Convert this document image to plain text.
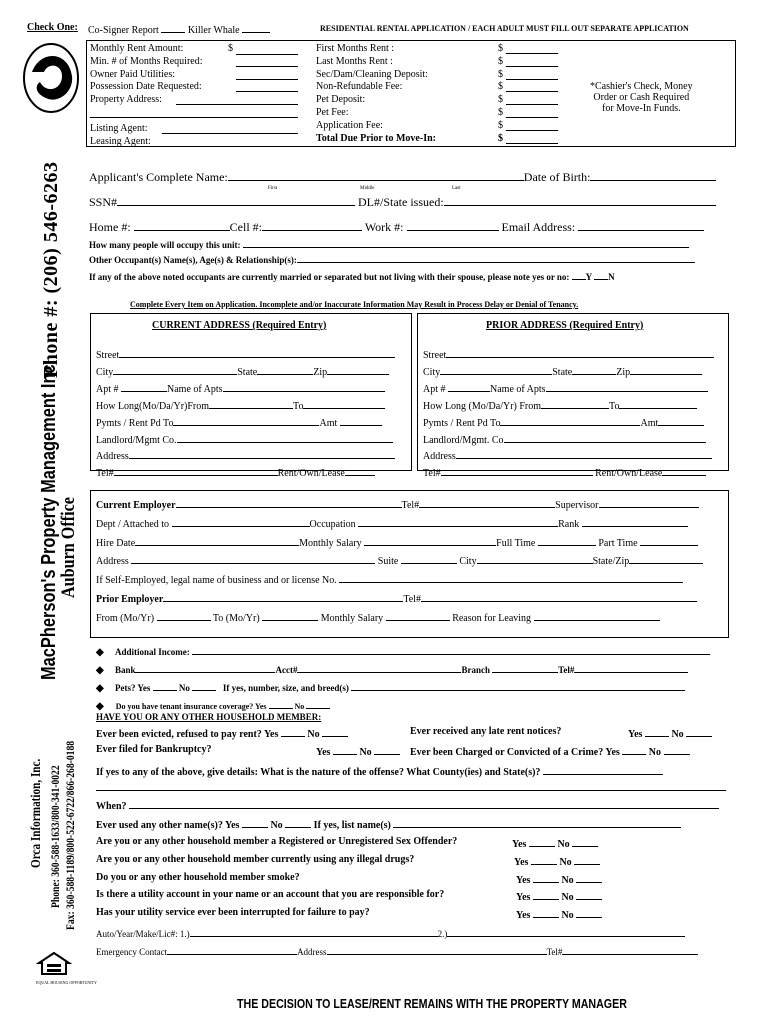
Check One: Co-Signer Report	Killer Whale	RESIDENTIAL RENTAL APPLICATION / EACH ADULT MUST FILL OUT SEPARATE APPLICATION
MacPherson's Property Management Inc.
Auburn Office
Phone #: (206) 546-6263
Orca Information, Inc. Phone: 360-588-1633/800-341-0022 Fax: 360-588-1189/800-522-6722/866-268-0188
EQUAL HOUSING OPPORTUNITY
Monthly Rent Amount:	$
Min. # of Months Required:
Owner Paid Utilities:
Possession Date Requested:
Property Address:
Listing Agent:
Leasing Agent:
First Months Rent :	$
Last Months Rent :	$
Sec/Dam/Cleaning Deposit:	$
Non-Refundable Fee:	$
Pet Deposit:	$
Pet Fee:	$
Application Fee:	$
Total Due Prior to Move-In:	$
*Cashier's Check, Money
Order or Cash Required
for Move-In Funds.
Applicant's Complete Name:	Date of Birth:
First	Middle	Last
SSN#	DL#/State issued:
Home #:	Cell #:	Work #:	Email Address:
How many people will occupy this unit:
Other Occupant(s) Name(s), Age(s) & Relationship(s):
If any of the above noted occupants are currently married or separated but not living with their spouse, please note yes or no: Y N
Complete Every Item on Application. Incomplete and/or Inaccurate Information May Result in Process Delay or Denial of Tenancy.
CURRENT ADDRESS (Required Entry)	PRIOR ADDRESS (Required Entry)
Street
City	State	Zip
Apt #	Name of Apts
How Long(Mo/Da/Yr)From	To
Pymts / Rent Pd To	Amt
Landlord/Mgmt Co.
Address
Tel#	Rent/Own/Lease
Street
City	State	Zip
Apt #	Name of Apts
How Long (Mo/Da/Yr) From	To
Pymts / Rent Pd To	Amt
Landlord/Mgmt. Co
Address
Tel#	Rent/Own/Lease
Current Employer	Tel#	Supervisor
Dept / Attached to	Occupation	Rank
Hire Date	Monthly Salary	Full Time	Part Time
Address	Suite	City	State/Zip
If Self-Employed, legal name of business and or license No.
Prior Employer	Tel#
From (Mo/Yr)	To (Mo/Yr)	Monthly Salary	Reason for Leaving
◆ Additional Income:
◆ Bank	Acct#	Branch	Tel#
◆ Pets? Yes	No	If yes, number, size, and breed(s)
◆ Do you have tenant insurance coverage? Yes	No
HAVE YOU OR ANY OTHER HOUSEHOLD MEMBER:
Ever been evicted, refused to pay rent? Yes	No	Ever received any late rent notices?	Yes	No
Ever filed for Bankruptcy?	Yes	No	Ever been Charged or Convicted of a Crime? Yes	No
If yes to any of the above, give details: What is the nature of the offense? What County(ies) and State(s)?
When?
Ever used any other name(s)? Yes	No	If yes, list name(s)
Are you or any other household member a Registered or Unregistered Sex Offender?	Yes	No
Are you or any other household member currently using any illegal drugs?	Yes	No
Do you or any other household member smoke?	Yes	No
Is there a utility account in your name or an account that you are responsible for?	Yes	No
Has your utility service ever been interrupted for failure to pay?	Yes	No
Auto/Year/Make/Lic#: 1.)	2.)
Emergency Contact	Address	Tel#
THE DECISION TO LEASE/RENT REMAINS WITH THE PROPERTY MANAGER
